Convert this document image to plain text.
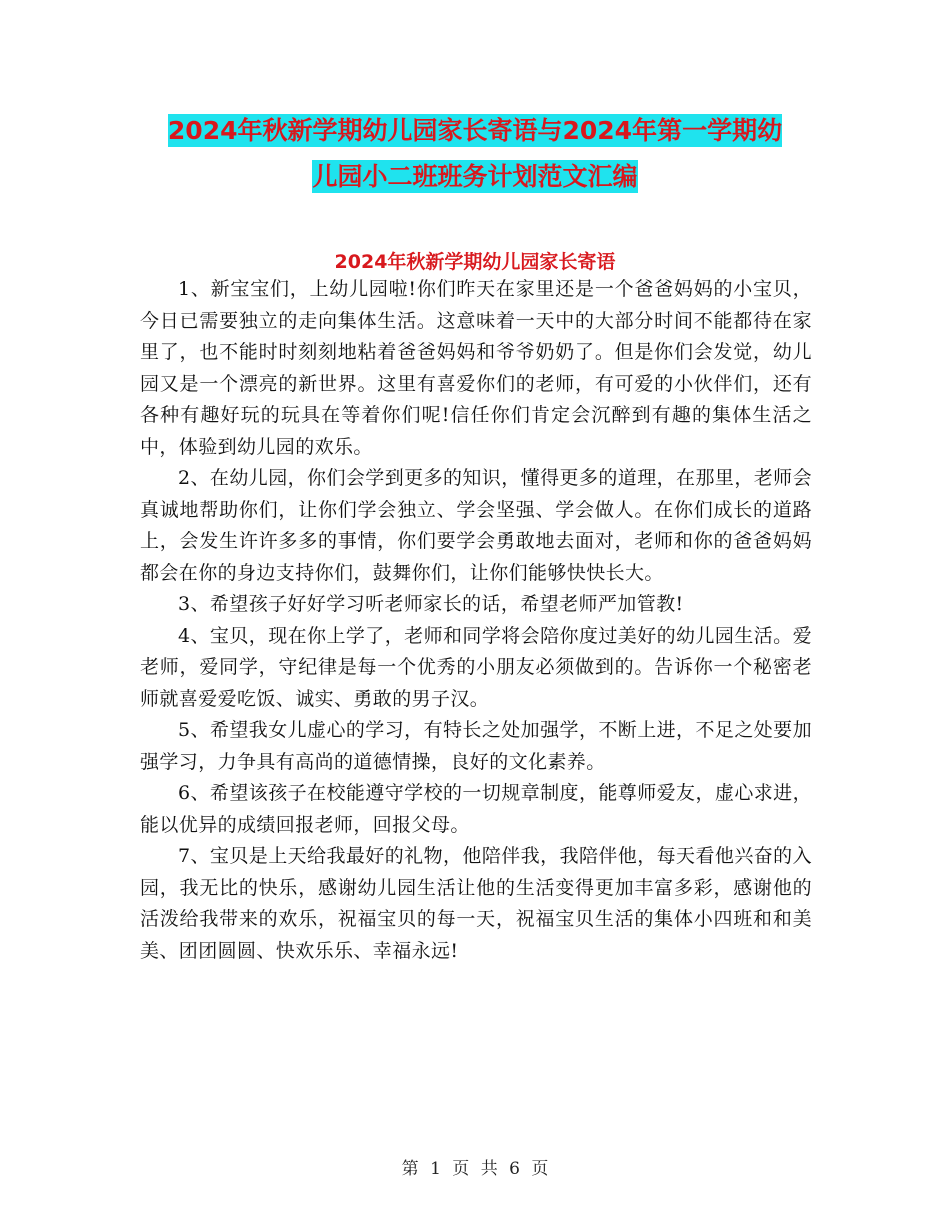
2024年秋新学期幼儿园家长寄语与2024年第一学期幼
儿园小二班班务计划范文汇编
2024年秋新学期幼儿园家长寄语

1、新宝宝们，上幼儿园啦!你们昨天在家里还是一个爸爸妈妈的小宝贝，今日已需要独立的走向集体生活。这意味着一天中的大部分时间不能都待在家里了，也不能时时刻刻地粘着爸爸妈妈和爷爷奶奶了。但是你们会发觉，幼儿园又是一个漂亮的新世界。这里有喜爱你们的老师，有可爱的小伙伴们，还有各种有趣好玩的玩具在等着你们呢!信任你们肯定会沉醉到有趣的集体生活之中，体验到幼儿园的欢乐。

2、在幼儿园，你们会学到更多的知识，懂得更多的道理，在那里，老师会真诚地帮助你们，让你们学会独立、学会坚强、学会做人。在你们成长的道路上，会发生许许多多的事情，你们要学会勇敢地去面对，老师和你的爸爸妈妈都会在你的身边支持你们，鼓舞你们，让你们能够快快长大。

3、希望孩子好好学习听老师家长的话，希望老师严加管教!

4、宝贝，现在你上学了，老师和同学将会陪你度过美好的幼儿园生活。爱老师，爱同学，守纪律是每一个优秀的小朋友必须做到的。告诉你一个秘密老师就喜爱爱吃饭、诚实、勇敢的男子汉。

5、希望我女儿虚心的学习，有特长之处加强学，不断上进，不足之处要加强学习，力争具有高尚的道德情操，良好的文化素养。

6、希望该孩子在校能遵守学校的一切规章制度，能尊师爱友，虚心求进，能以优异的成绩回报老师，回报父母。

7、宝贝是上天给我最好的礼物，他陪伴我，我陪伴他，每天看他兴奋的入园，我无比的快乐，感谢幼儿园生活让他的生活变得更加丰富多彩，感谢他的活泼给我带来的欢乐，祝福宝贝的每一天，祝福宝贝生活的集体小四班和和美美、团团圆圆、快欢乐乐、幸福永远!

第 1 页 共 6 页
